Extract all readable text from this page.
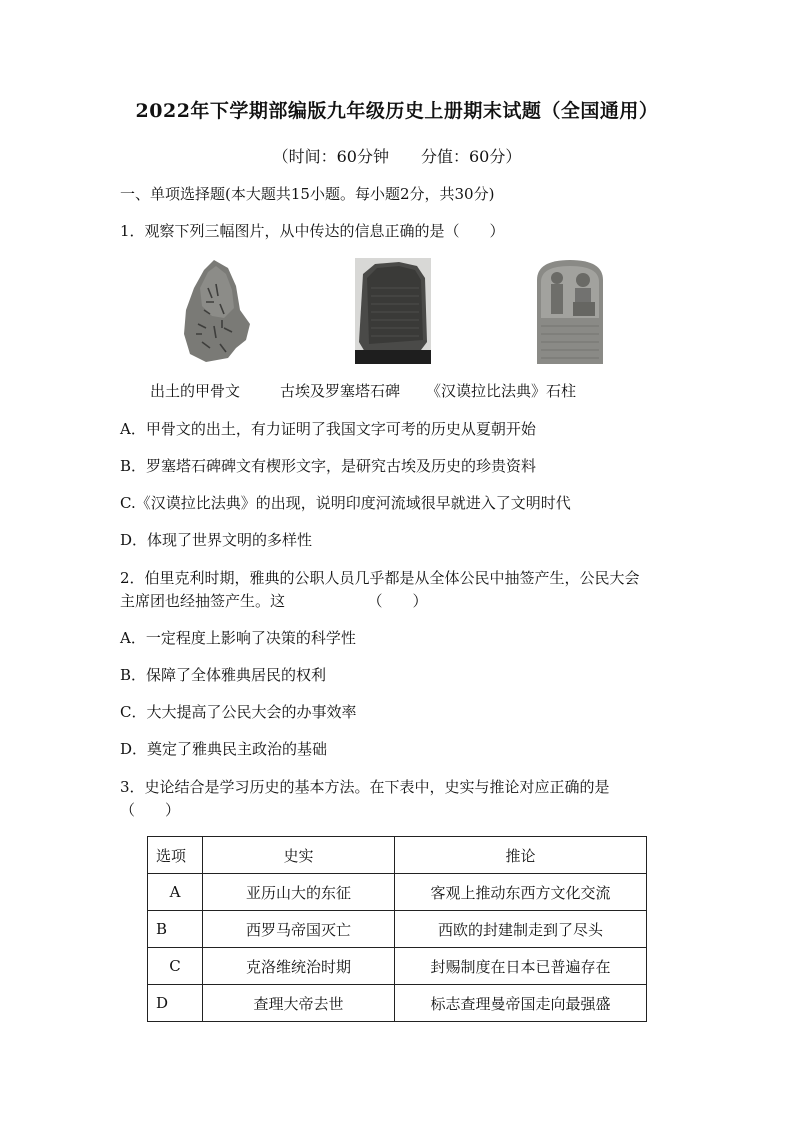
2022年下学期部编版九年级历史上册期末试题（全国通用）
（时间：60分钟　　分值：60分）
一、单项选择题(本大题共15小题。每小题2分，共30分)
1．观察下列三幅图片，从中传达的信息正确的是（　　）
出土的甲骨文	古埃及罗塞塔石碑 《汉谟拉比法典》石柱
A．甲骨文的出土，有力证明了我国文字可考的历史从夏朝开始
B．罗塞塔石碑碑文有楔形文字，是研究古埃及历史的珍贵资料
C.《汉谟拉比法典》的出现，说明印度河流域很早就进入了文明时代
D．体现了世界文明的多样性
2．伯里克利时期，雅典的公职人员几乎都是从全体公民中抽签产生，公民大会
主席团也经抽签产生。这　　　　　　（　　）
A．一定程度上影响了决策的科学性
B．保障了全体雅典居民的权利
C．大大提高了公民大会的办事效率
D．奠定了雅典民主政治的基础
3．史论结合是学习历史的基本方法。在下表中，史实与推论对应正确的是
（　　）
选项	史实	推论
A	亚历山大的东征	客观上推动东西方文化交流
B	西罗马帝国灭亡	西欧的封建制走到了尽头
C	克洛维统治时期	封赐制度在日本已普遍存在
D	查理大帝去世	标志查理曼帝国走向最强盛
